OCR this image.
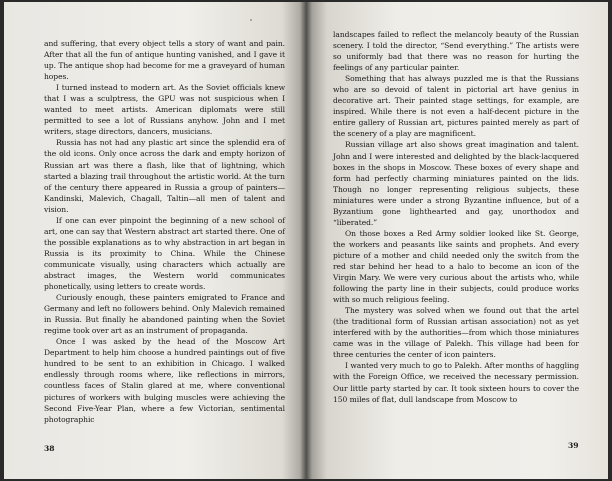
and suffering, that every object tells a story of want and pain. After that all the fun of antique hunting vanished, and I gave it up. The antique shop had become for me a graveyard of human hopes.

I turned instead to modern art. As the Soviet officials knew that I was a sculptress, the GPU was not suspicious when I wanted to meet artists. American diplomats were still permitted to see a lot of Russians anyhow. John and I met writers, stage directors, dancers, musicians.

Russia has not had any plastic art since the splendid era of the old icons. Only once across the dark and empty horizon of Russian art was there a flash, like that of lightning, which started a blazing trail throughout the artistic world. At the turn of the century there appeared in Russia a group of painters—Kandinski, Malevich, Chagall, Taltin—all men of talent and vision.

If one can ever pinpoint the beginning of a new school of art, one can say that Western abstract art started there. One of the possible explanations as to why abstraction in art began in Russia is its proximity to China. While the Chinese communicate visually, using characters which actually are abstract images, the Western world communicates phonetically, using letters to create words.

Curiously enough, these painters emigrated to France and Germany and left no followers behind. Only Malevich remained in Russia. But finally he abandoned painting when the Soviet regime took over art as an instrument of propaganda.

Once I was asked by the head of the Moscow Art Department to help him choose a hundred paintings out of five hundred to be sent to an exhibition in Chicago. I walked endlessly through rooms where, like reflections in mirrors, countless faces of Stalin glared at me, where conventional pictures of workers with bulging muscles were achieving the Second Five-Year Plan, where a few Victorian, sentimental photographic

38

landscapes failed to reflect the melancoly beauty of the Russian scenery. I told the director, “Send everything.” The artists were so uniformly bad that there was no reason for hurting the feelings of any particular painter.

Something that has always puzzled me is that the Russians who are so devoid of talent in pictorial art have genius in decorative art. Their painted stage settings, for example, are inspired. While there is not even a half-decent picture in the entire gallery of Russian art, pictures painted merely as part of the scenery of a play are magnificent.

Russian village art also shows great imagination and talent. John and I were interested and delighted by the black-lacquered boxes in the shops in Moscow. These boxes of every shape and form had perfectly charming miniatures painted on the lids. Though no longer representing religious subjects, these miniatures were under a strong Byzantine influence, but of a Byzantium gone lighthearted and gay, unorthodox and “liberated.”

On those boxes a Red Army soldier looked like St. George, the workers and peasants like saints and prophets. And every picture of a mother and child needed only the switch from the red star behind her head to a halo to become an icon of the Virgin Mary. We were very curious about the artists who, while following the party line in their subjects, could produce works with so much religious feeling.

The mystery was solved when we found out that the artel (the traditional form of Russian artisan association) not as yet interfered with by the authorities—from which those miniatures came was in the village of Palekh. This village had been for three centuries the center of icon painters.

I wanted very much to go to Palekh. After months of haggling with the Foreign Office, we received the necessary permission. Our little party started by car. It took sixteen hours to cover the 150 miles of flat, dull landscape from Moscow to

39
